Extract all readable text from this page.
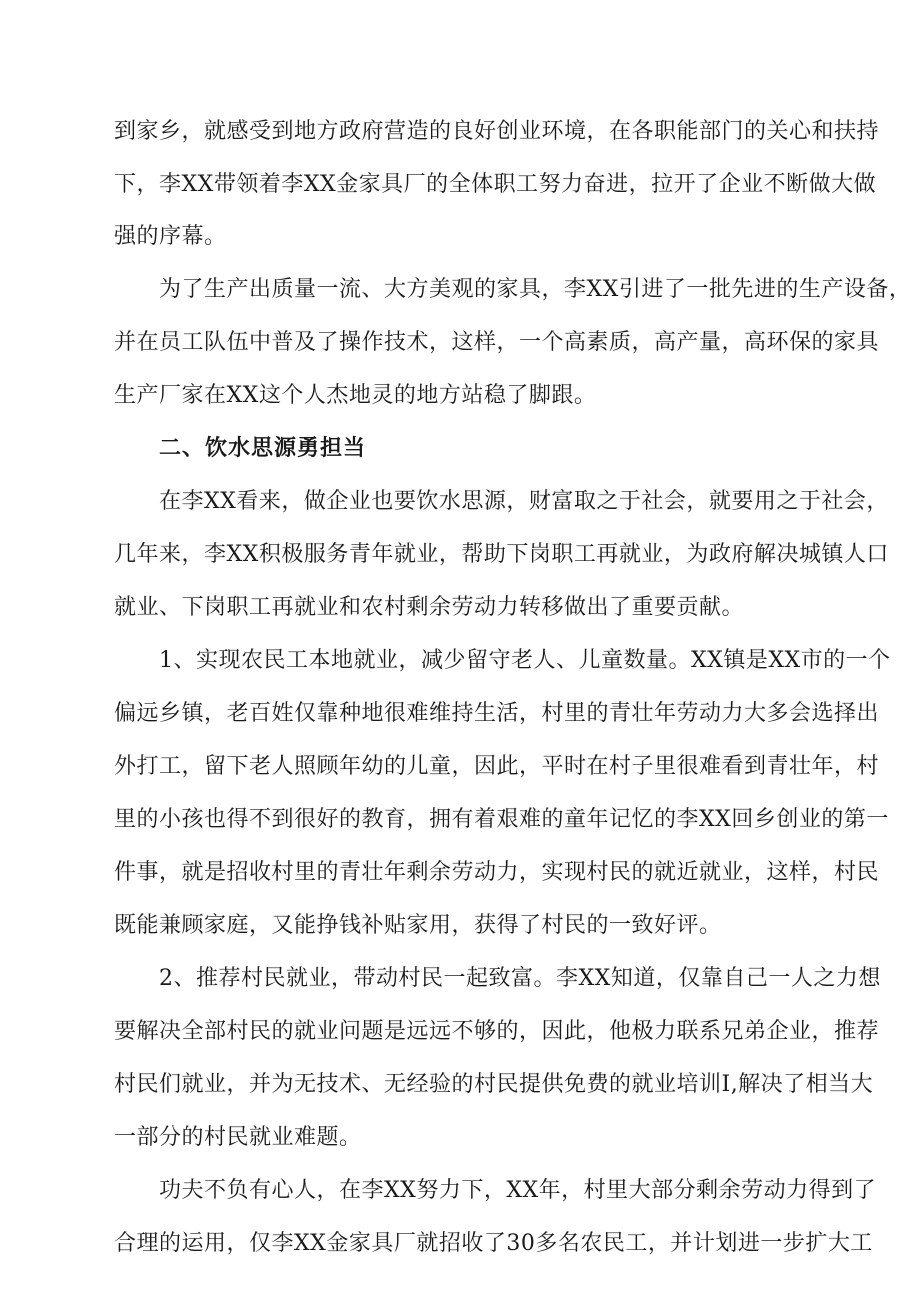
到家乡，就感受到地方政府营造的良好创业环境，在各职能部门的关心和扶持
下，李XX带领着李XX金家具厂的全体职工努力奋进，拉开了企业不断做大做
强的序幕。
为了生产出质量一流、大方美观的家具，李XX引进了一批先进的生产设备，
并在员工队伍中普及了操作技术，这样，一个高素质，高产量，高环保的家具
生产厂家在XX这个人杰地灵的地方站稳了脚跟。
二、饮水思源勇担当
在李XX看来，做企业也要饮水思源，财富取之于社会，就要用之于社会，
几年来，李XX积极服务青年就业，帮助下岗职工再就业，为政府解决城镇人口
就业、下岗职工再就业和农村剩余劳动力转移做出了重要贡献。
1、实现农民工本地就业，减少留守老人、儿童数量。XX镇是XX市的一个
偏远乡镇，老百姓仅靠种地很难维持生活，村里的青壮年劳动力大多会选择出
外打工，留下老人照顾年幼的儿童，因此，平时在村子里很难看到青壮年，村
里的小孩也得不到很好的教育，拥有着艰难的童年记忆的李XX回乡创业的第一
件事，就是招收村里的青壮年剩余劳动力，实现村民的就近就业，这样，村民
既能兼顾家庭，又能挣钱补贴家用，获得了村民的一致好评。
2、推荐村民就业，带动村民一起致富。李XX知道，仅靠自己一人之力想
要解决全部村民的就业问题是远远不够的，因此，他极力联系兄弟企业，推荐
村民们就业，并为无技术、无经验的村民提供免费的就业培训I,解决了相当大
一部分的村民就业难题。
功夫不负有心人，在李XX努力下，XX年，村里大部分剩余劳动力得到了
合理的运用，仅李XX金家具厂就招收了30多名农民工，并计划进一步扩大工
